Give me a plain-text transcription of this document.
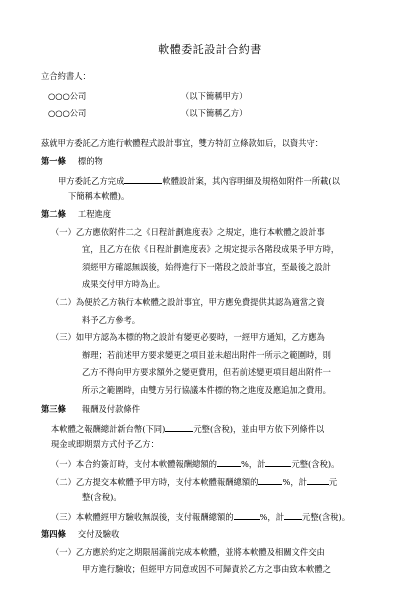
軟體委託設計合約書
立合約書人：
○○○公司	（以下簡稱甲方）
○○○公司	（以下簡稱乙方）
茲就甲方委託乙方進行軟體程式設計事宜，雙方特訂立條款如后，以資共守：
第一條 標的物
甲方委託乙方完成	軟體設計案，其內容明細及規格如附件一所載(以
下簡稱本軟體)。
第二條 工程進度
（一）乙方應依附件二之《日程計劃進度表》之規定，進行本軟體之設計事
宜，且乙方在依《日程計劃進度表》之規定提示各階段成果予甲方時，
須經甲方確認無誤後，始得進行下一階段之設計事宜，至最後之設計
成果交付甲方時為止。
（二）為便於乙方執行本軟體之設計事宜，甲方應免費提供其認為適當之資
料予乙方參考。
（三）如甲方認為本標的物之設計有變更必要時，一經甲方通知，乙方應為
辦理；若前述甲方要求變更之項目並未超出附件一所示之範圍時，則
乙方不得向甲方要求額外之變更費用，但若前述變更項目超出附件一
所示之範圍時，由雙方另行協議本件標的物之進度及應追加之費用。
第三條 報酬及付款條件
本軟體之報酬總計新台幣(下同)	元整(含稅)，並由甲方依下列條件以
現金或即期票方式付予乙方：
（一）本合約簽訂時，支付本軟體報酬總額的	%，計	元整(含稅)。
（二）乙方提交本軟體予甲方時，支付本軟體報酬總額的	%，計	元
整(含稅)。
（三）本軟體經甲方驗收無誤後，支付報酬總額的	%，計 元整(含稅)。
第四條 交付及驗收
（一）乙方應於約定之期限屆滿前完成本軟體，並將本軟體及相關文件交由
甲方進行驗收；但經甲方同意或因不可歸責於乙方之事由致本軟體之
